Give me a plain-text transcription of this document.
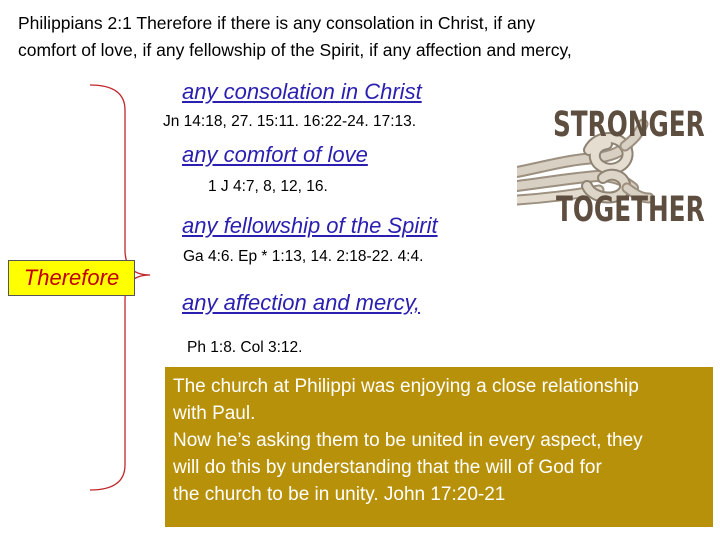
Philippians 2:1 Therefore if there is any consolation in Christ, if any
comfort of love, if any fellowship of the Spirit, if any affection and mercy,
any consolation in Christ
Jn 14:18, 27. 15:11. 16:22-24. 17:13.
any comfort of love
1 J 4:7, 8, 12, 16.
any fellowship of the Spirit
Ga 4:6. Ep * 1:13, 14. 2:18-22. 4:4.
any affection and mercy,
Ph 1:8. Col 3:12.
Therefore
STRONGER
TOGETHER
The church at Philippi was enjoying a close relationship
with Paul.
Now he’s asking them to be united in every aspect, they
will do this by understanding that the will of God for
the church to be in unity. John 17:20-21
